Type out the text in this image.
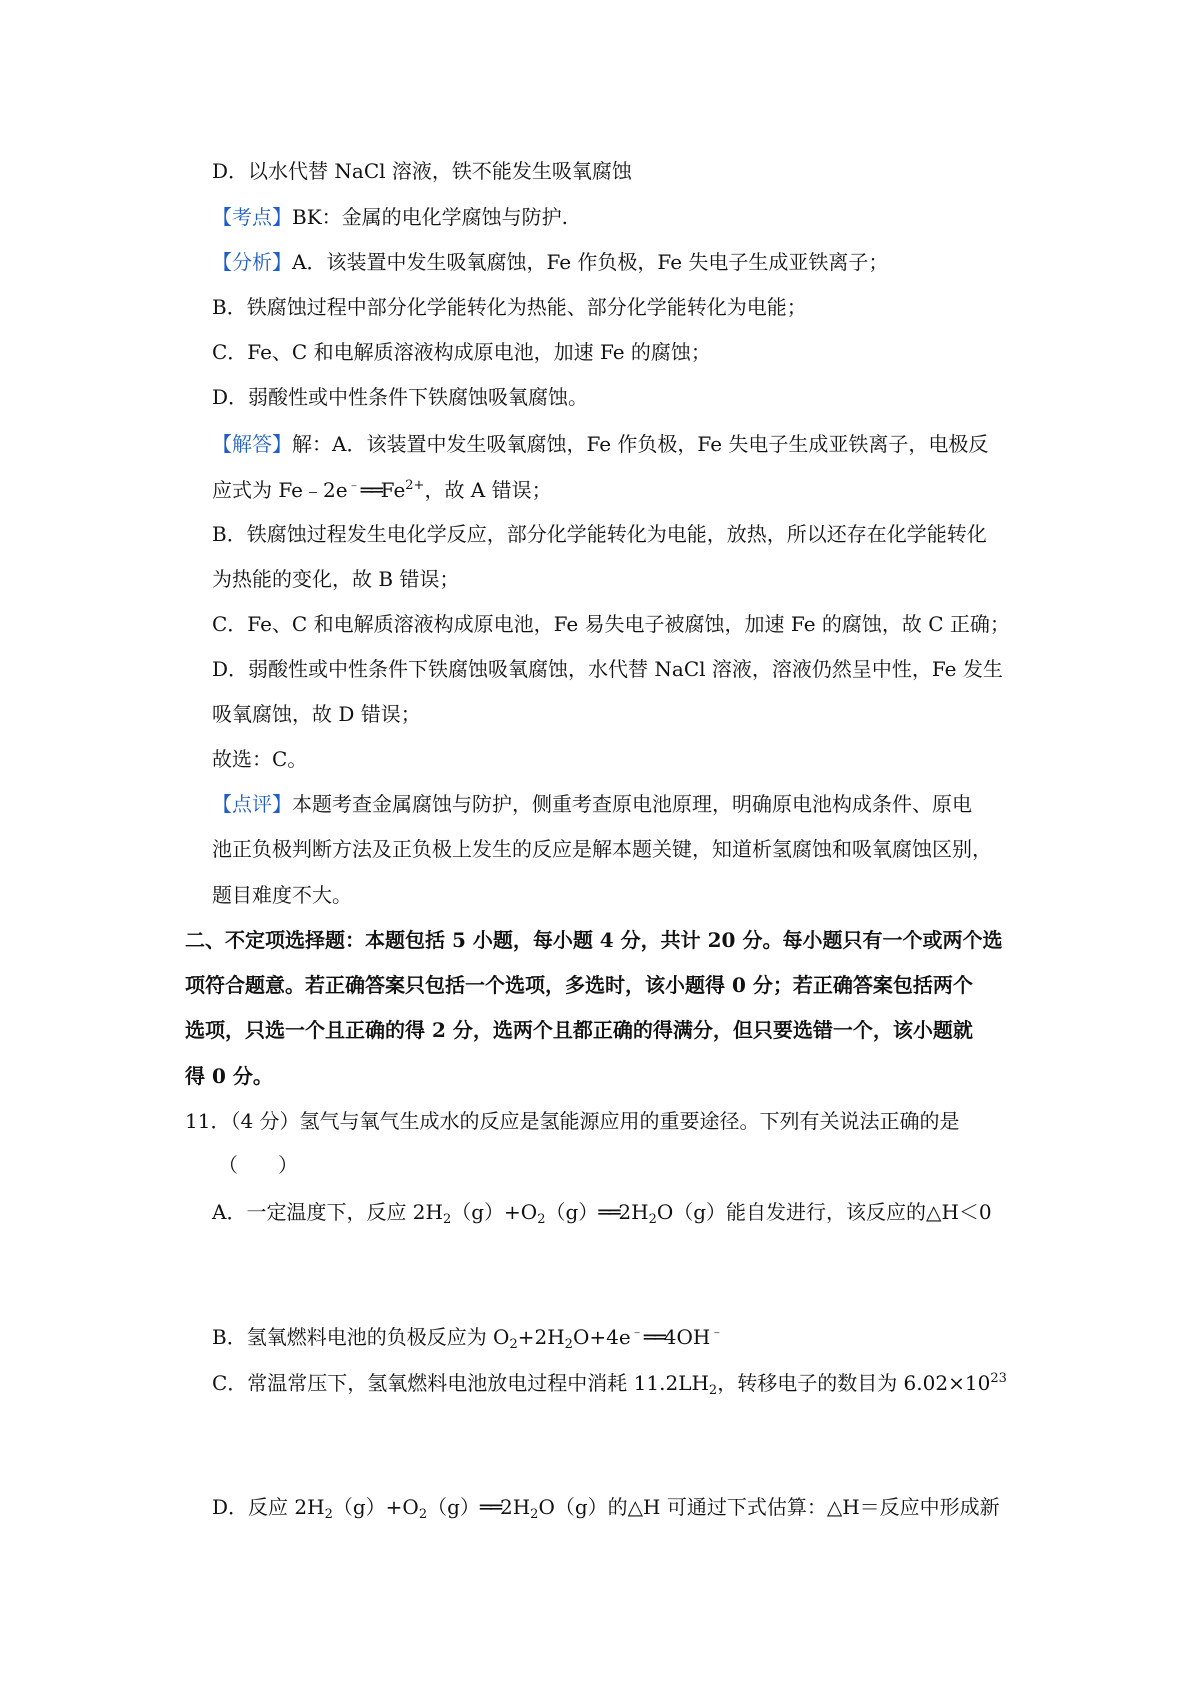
D．以水代替 NaCl 溶液，铁不能发生吸氧腐蚀
【考点】BK：金属的电化学腐蚀与防护.
【分析】A．该装置中发生吸氧腐蚀，Fe 作负极，Fe 失电子生成亚铁离子；
B．铁腐蚀过程中部分化学能转化为热能、部分化学能转化为电能；
C．Fe、C 和电解质溶液构成原电池，加速 Fe 的腐蚀；
D．弱酸性或中性条件下铁腐蚀吸氧腐蚀。
【解答】解：A．该装置中发生吸氧腐蚀，Fe 作负极，Fe 失电子生成亚铁离子，电极反
应式为 $Fe﹣2e^﹣══Fe^{2+}$，故 A 错误；
B．铁腐蚀过程发生电化学反应，部分化学能转化为电能，放热，所以还存在化学能转化
为热能的变化，故 B 错误；
C．Fe、C 和电解质溶液构成原电池，Fe 易失电子被腐蚀，加速 Fe 的腐蚀，故 C 正确；
D．弱酸性或中性条件下铁腐蚀吸氧腐蚀，水代替 NaCl 溶液，溶液仍然呈中性，Fe 发生
吸氧腐蚀，故 D 错误；
故选：C。
【点评】本题考查金属腐蚀与防护，侧重考查原电池原理，明确原电池构成条件、原电
池正负极判断方法及正负极上发生的反应是解本题关键，知道析氢腐蚀和吸氧腐蚀区别，
题目难度不大。
二、不定项选择题：本题包括 5 小题，每小题 4 分，共计 20 分。每小题只有一个或两个选
项符合题意。若正确答案只包括一个选项，多选时，该小题得 0 分；若正确答案包括两个
选项，只选一个且正确的得 2 分，选两个且都正确的得满分，但只要选错一个，该小题就
得 0 分。
11．（4 分）氢气与氧气生成水的反应是氢能源应用的重要途径。下列有关说法正确的是
（　　）
A．一定温度下，反应 $2H_2(g)+O_2(g)══2H_2O(g)$能自发进行，该反应的△H＜0
B．氢氧燃料电池的负极反应为 $O_2+2H_2O+4e^﹣══4OH^﹣$
C．常温常压下，氢氧燃料电池放电过程中消耗 $11.2LH_2$，转移电子的数目为 $6.02\times 10^{23}$
D．反应 $2H_2(g)+O_2(g)══2H_2O(g)$的△H 可通过下式估算：△H＝反应中形成新
